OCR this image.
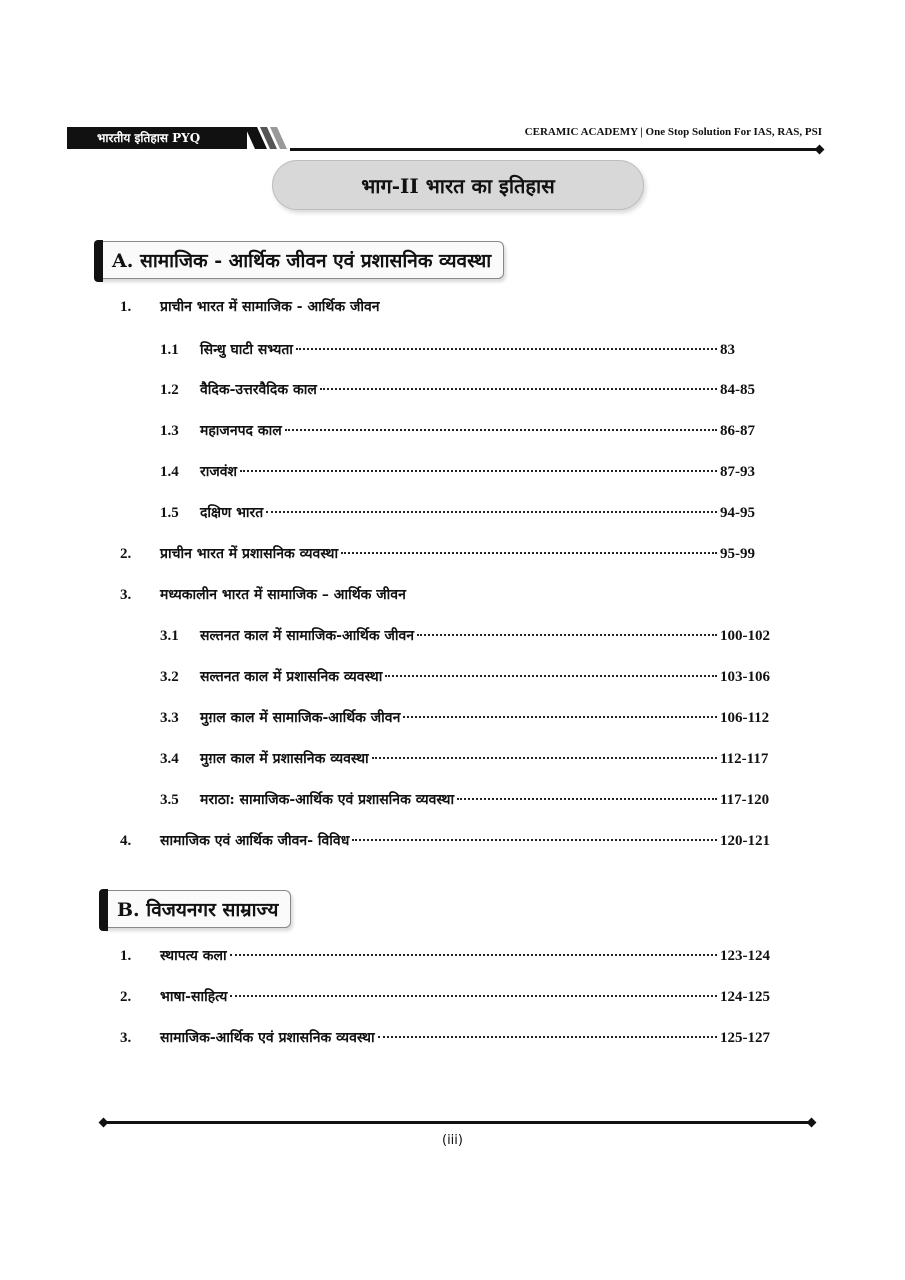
भारतीय इतिहास PYQ	CERAMIC ACADEMY | One Stop Solution For IAS, RAS, PSI
भाग-II भारत का इतिहास
A. सामाजिक - आर्थिक जीवन एवं प्रशासनिक व्यवस्था
1.	प्राचीन भारत में सामाजिक - आर्थिक जीवन
1.1	सिन्धु घाटी सभ्यता	83
1.2	वैदिक-उत्तरवैदिक काल	84-85
1.3	महाजनपद काल	86-87
1.4	राजवंश	87-93
1.5	दक्षिण भारत	94-95
2.	प्राचीन भारत में प्रशासनिक व्यवस्था	95-99
3.	मध्यकालीन भारत में सामाजिक – आर्थिक जीवन
3.1	सल्तनत काल में सामाजिक-आर्थिक जीवन	100-102
3.2	सल्तनत काल में प्रशासनिक व्यवस्था	103-106
3.3	मुग़ल काल में सामाजिक-आर्थिक जीवन	106-112
3.4	मुग़ल काल में प्रशासनिक व्यवस्था	112-117
3.5	मराठा: सामाजिक-आर्थिक एवं प्रशासनिक व्यवस्था	117-120
4.	सामाजिक एवं आर्थिक जीवन- विविध	120-121
B. विजयनगर साम्राज्य
1.	स्थापत्य कला	123-124
2.	भाषा-साहित्य	124-125
3.	सामाजिक-आर्थिक एवं प्रशासनिक व्यवस्था	125-127
(iii)
